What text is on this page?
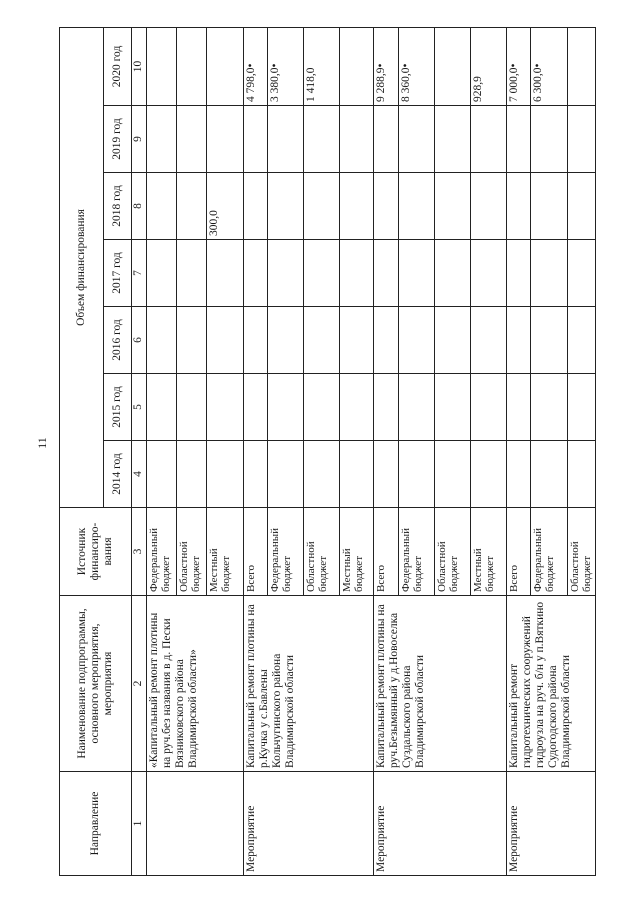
11
Направление	Наименование подпрограммы, основного мероприятия, мероприятия	Источник финансиро-вания	Объем финансирования						
			2014 год	2015 год	2016 год	2017 год	2018 год	2019 год	2020 год
1	2	3	4	5	6	7	8	9	10
	«Капитальный ремонт плотины на руч.без названия в д. Пески Вязниковского района Владимирской области»	Федеральный бюджет							
		Областной бюджет							
		Местный бюджет					300,0		
Мероприятие	Капитальный ремонт плотины на р.Кучка у с.Бавлены Кольчугинского района Владимирской области	Всего							4 798,0•
		Федеральный бюджет							3 380,0•
		Областной бюджет							1 418,0
		Местный бюджет							
Мероприятие	Капитальный ремонт плотины на руч.Безымянный у д.Новоселка Суздальского района Владимирской области	Всего							9 288,9•
		Федеральный бюджет							8 360,0•
		Областной бюджет							
		Местный бюджет							928,9
Мероприятие	Капитальный ремонт гидротехнических сооружений гидроузла на руч. б/н у п.Вяткино Судогодского района Владимирской области	Всего							7 000,0•
		Федеральный бюджет							6 300,0•
		Областной бюджет							
